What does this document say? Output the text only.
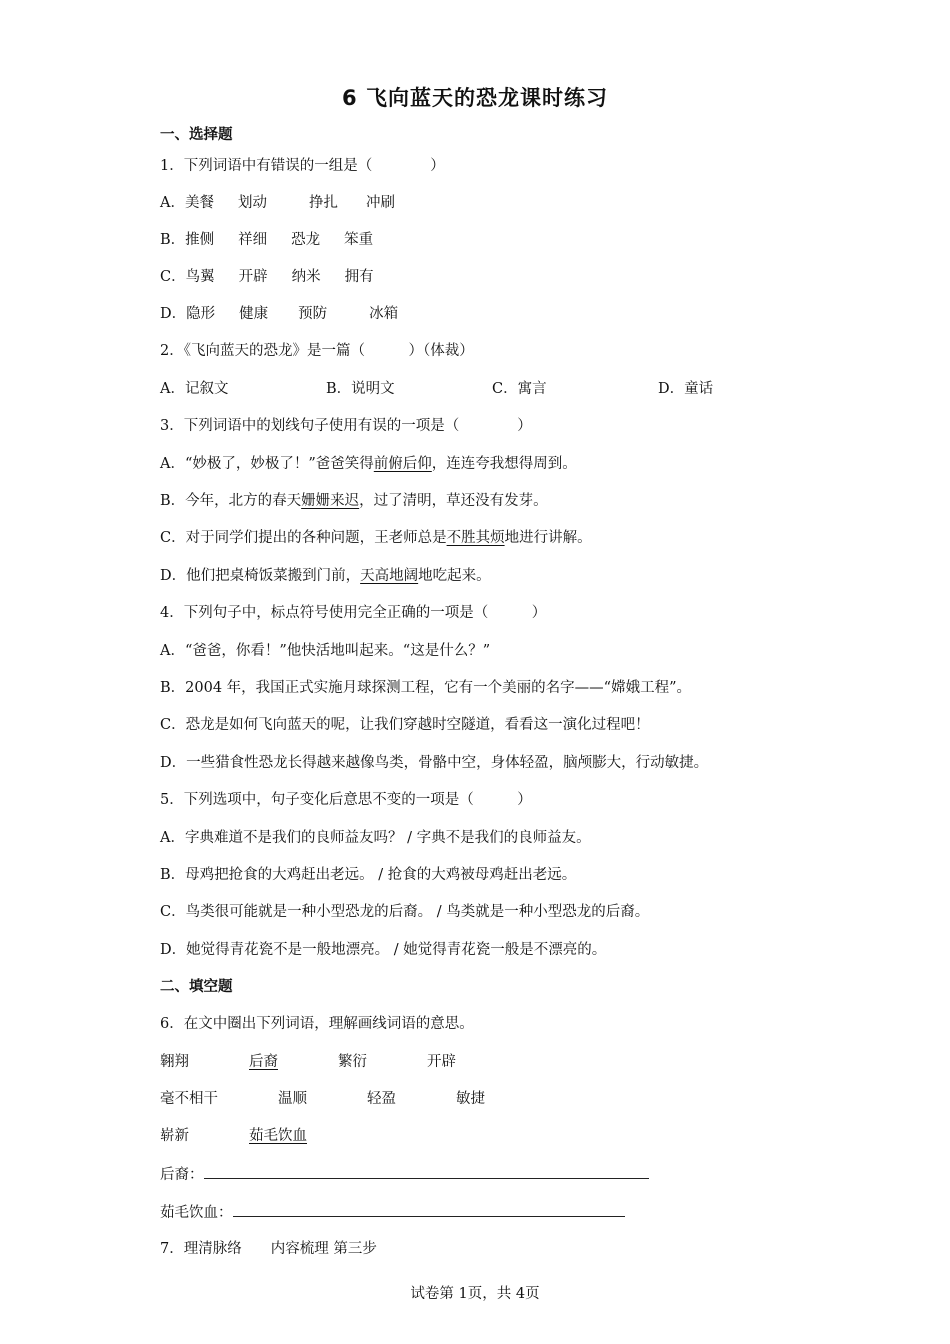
6 飞向蓝天的恐龙课时练习
一、选择题
1．下列词语中有错误的一组是（　　　　）
A．美餐 划动	挣扎 冲刷
B．推侧 祥细 恐龙 笨重
C．鸟翼 开辟 纳米 拥有
D．隐形 健康 预防	冰箱
2．《飞向蓝天的恐龙》是一篇（　　　）（体裁）
A．记叙文	B．说明文	C．寓言	D．童话
3．下列词语中的划线句子使用有误的一项是（　　　　）
A．“妙极了，妙极了！”爸爸笑得前俯后仰，连连夸我想得周到。
B．今年，北方的春天姗姗来迟，过了清明，草还没有发芽。
C．对于同学们提出的各种问题，王老师总是不胜其烦地进行讲解。
D．他们把桌椅饭菜搬到门前，天高地阔地吃起来。
4．下列句子中，标点符号使用完全正确的一项是（　　　）
A．“爸爸，你看！”他快活地叫起来。“这是什么？”
B．2004 年，我国正式实施月球探测工程，它有一个美丽的名字——“嫦娥工程”。
C．恐龙是如何飞向蓝天的呢，让我们穿越时空隧道，看看这一演化过程吧！
D．一些猎食性恐龙长得越来越像鸟类，骨骼中空，身体轻盈，脑颅膨大，行动敏捷。
5．下列选项中，句子变化后意思不变的一项是（　　　）
A．字典难道不是我们的良师益友吗？ / 字典不是我们的良师益友。
B．母鸡把抢食的大鸡赶出老远。 / 抢食的大鸡被母鸡赶出老远。
C．鸟类很可能就是一种小型恐龙的后裔。 / 鸟类就是一种小型恐龙的后裔。
D．她觉得青花瓷不是一般地漂亮。 / 她觉得青花瓷一般是不漂亮的。
二、填空题
6．在文中圈出下列词语，理解画线词语的意思。
翱翔	后裔	繁衍	开辟
毫不相干	温顺	轻盈	敏捷
崭新	茹毛饮血
后裔：
茹毛饮血：
7．理清脉络　　内容梳理 第三步
试卷第 1页，共 4页
